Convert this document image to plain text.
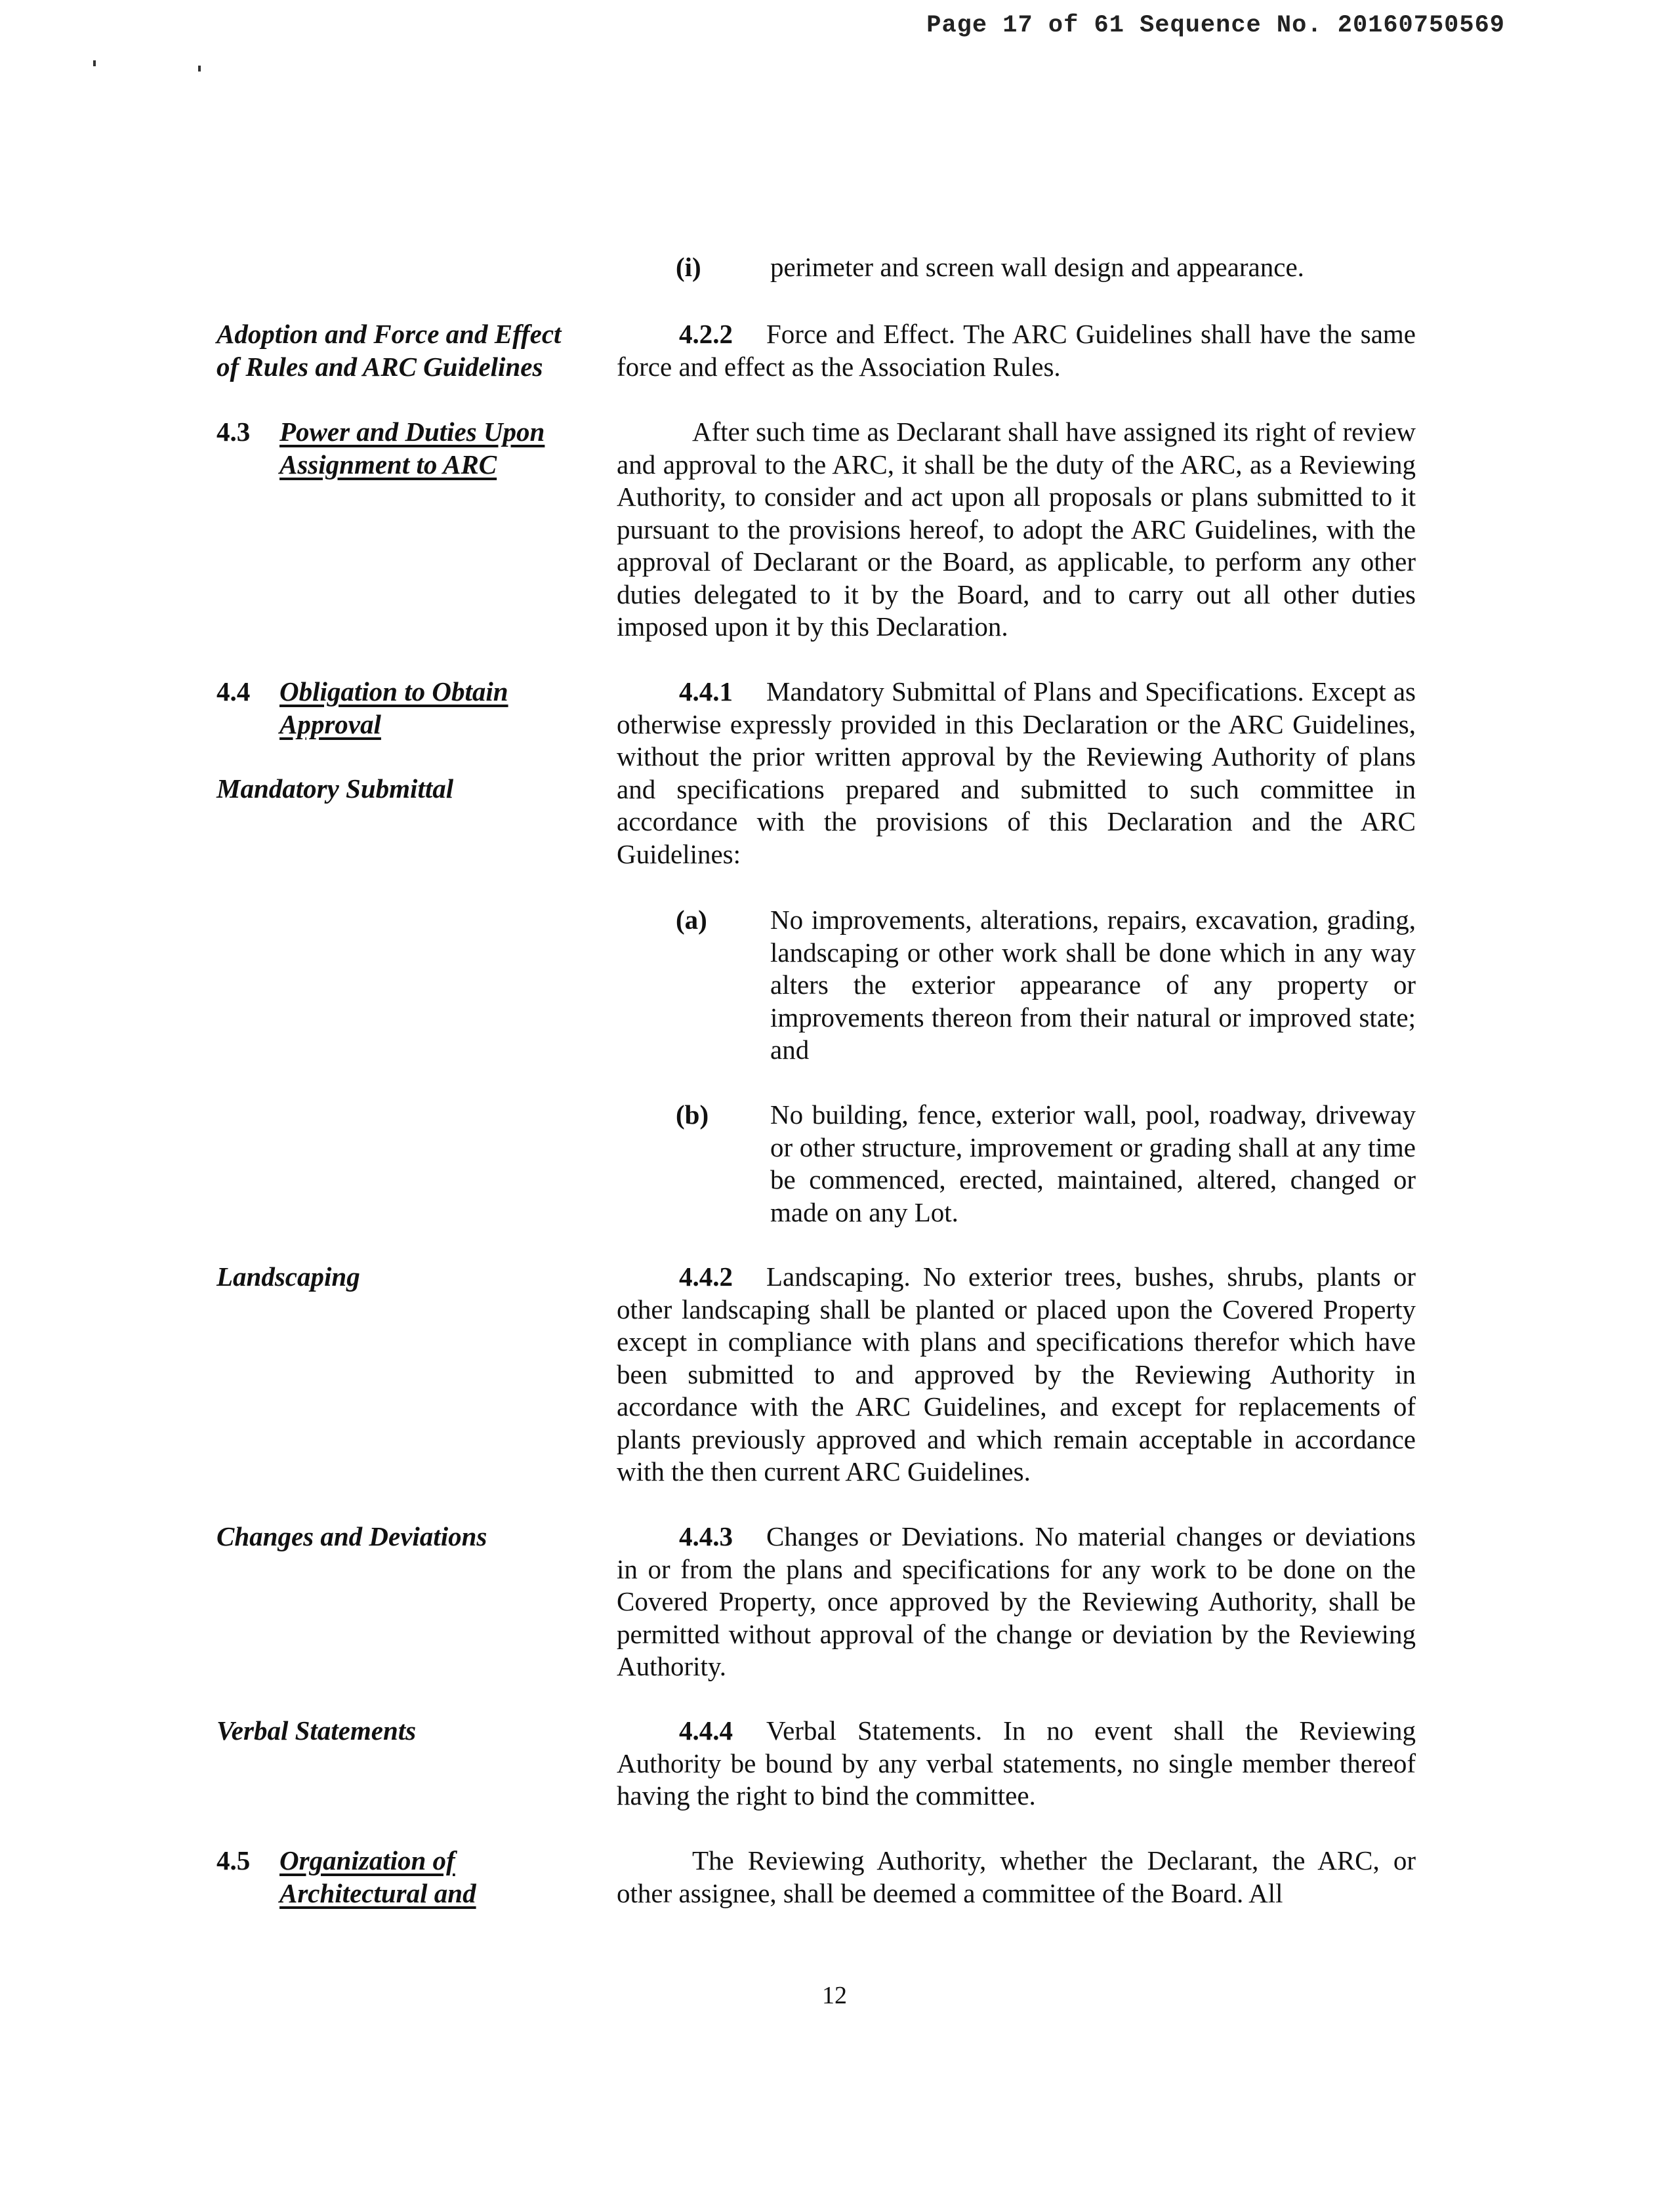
Page 17 of 61 Sequence No. 20160750569
(i)	perimeter and screen wall design and appearance.
Adoption and Force and Effect
of Rules and ARC Guidelines
4.2.2 Force and Effect. The ARC Guidelines shall have the same force and effect as the Association Rules.
4.3 Power and Duties Upon
Assignment to ARC
After such time as Declarant shall have assigned its right of review and approval to the ARC, it shall be the duty of the ARC, as a Reviewing Authority, to consider and act upon all proposals or plans submitted to it pursuant to the provisions hereof, to adopt the ARC Guidelines, with the approval of Declarant or the Board, as applicable, to perform any other duties delegated to it by the Board, and to carry out all other duties imposed upon it by this Declaration.
4.4 Obligation to Obtain
Approval
Mandatory Submittal
4.4.1 Mandatory Submittal of Plans and Specifications. Except as otherwise expressly provided in this Declaration or the ARC Guidelines, without the prior written approval by the Reviewing Authority of plans and specifications prepared and submitted to such committee in accordance with the provisions of this Declaration and the ARC Guidelines:
(a) No improvements, alterations, repairs, excavation, grading, landscaping or other work shall be done which in any way alters the exterior appearance of any property or improvements thereon from their natural or improved state; and
(b) No building, fence, exterior wall, pool, roadway, driveway or other structure, improvement or grading shall at any time be commenced, erected, maintained, altered, changed or made on any Lot.
Landscaping	4.4.2 Landscaping. No exterior trees, bushes, shrubs, plants or other landscaping shall be planted or placed upon the Covered Property except in compliance with plans and specifications therefor which have been submitted to and approved by the Reviewing Authority in accordance with the ARC Guidelines, and except for replacements of plants previously approved and which remain acceptable in accordance with the then current ARC Guidelines.
Changes and Deviations	4.4.3 Changes or Deviations. No material changes or deviations in or from the plans and specifications for any work to be done on the Covered Property, once approved by the Reviewing Authority, shall be permitted without approval of the change or deviation by the Reviewing Authority.
Verbal Statements	4.4.4 Verbal Statements. In no event shall the Reviewing Authority be bound by any verbal statements, no single member thereof having the right to bind the committee.
4.5 Organization of
Architectural and
The Reviewing Authority, whether the Declarant, the ARC, or other assignee, shall be deemed a committee of the Board. All
12
